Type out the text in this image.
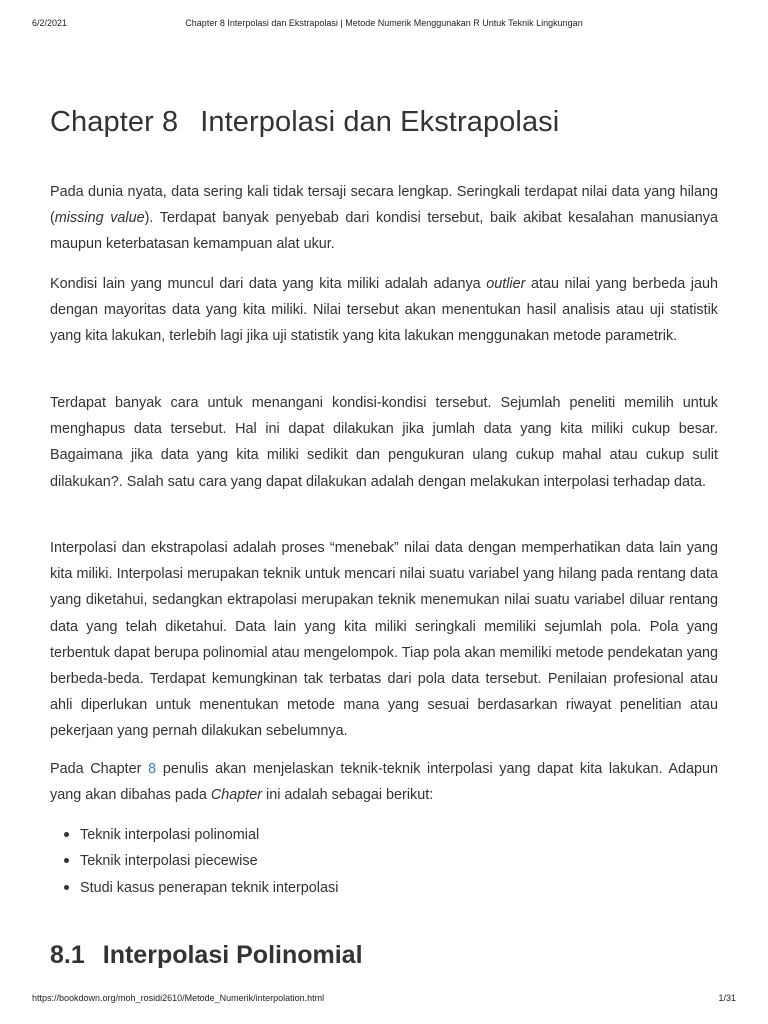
6/2/2021	Chapter 8 Interpolasi dan Ekstrapolasi | Metode Numerik Menggunakan R Untuk Teknik Lingkungan
Chapter 8 Interpolasi dan Ekstrapolasi

Pada dunia nyata, data sering kali tidak tersaji secara lengkap. Seringkali terdapat nilai data yang hilang (missing value). Terdapat banyak penyebab dari kondisi tersebut, baik akibat kesalahan manusianya maupun keterbatasan kemampuan alat ukur.

Kondisi lain yang muncul dari data yang kita miliki adalah adanya outlier atau nilai yang berbeda jauh dengan mayoritas data yang kita miliki. Nilai tersebut akan menentukan hasil analisis atau uji statistik yang kita lakukan, terlebih lagi jika uji statistik yang kita lakukan menggunakan metode parametrik.

Terdapat banyak cara untuk menangani kondisi-kondisi tersebut. Sejumlah peneliti memilih untuk menghapus data tersebut. Hal ini dapat dilakukan jika jumlah data yang kita miliki cukup besar. Bagaimana jika data yang kita miliki sedikit dan pengukuran ulang cukup mahal atau cukup sulit dilakukan?. Salah satu cara yang dapat dilakukan adalah dengan melakukan interpolasi terhadap data.

Interpolasi dan ekstrapolasi adalah proses “menebak” nilai data dengan memperhatikan data lain yang kita miliki. Interpolasi merupakan teknik untuk mencari nilai suatu variabel yang hilang pada rentang data yang diketahui, sedangkan ektrapolasi merupakan teknik menemukan nilai suatu variabel diluar rentang data yang telah diketahui. Data lain yang kita miliki seringkali memiliki sejumlah pola. Pola yang terbentuk dapat berupa polinomial atau mengelompok. Tiap pola akan memiliki metode pendekatan yang berbeda-beda. Terdapat kemungkinan tak terbatas dari pola data tersebut. Penilaian profesional atau ahli diperlukan untuk menentukan metode mana yang sesuai berdasarkan riwayat penelitian atau pekerjaan yang pernah dilakukan sebelumnya.

Pada Chapter 8 penulis akan menjelaskan teknik-teknik interpolasi yang dapat kita lakukan. Adapun yang akan dibahas pada Chapter ini adalah sebagai berikut:

Teknik interpolasi polinomial
Teknik interpolasi piecewise
Studi kasus penerapan teknik interpolasi
8.1 Interpolasi Polinomial
https://bookdown.org/moh_rosidi2610/Metode_Numerik/interpolation.html	1/31
